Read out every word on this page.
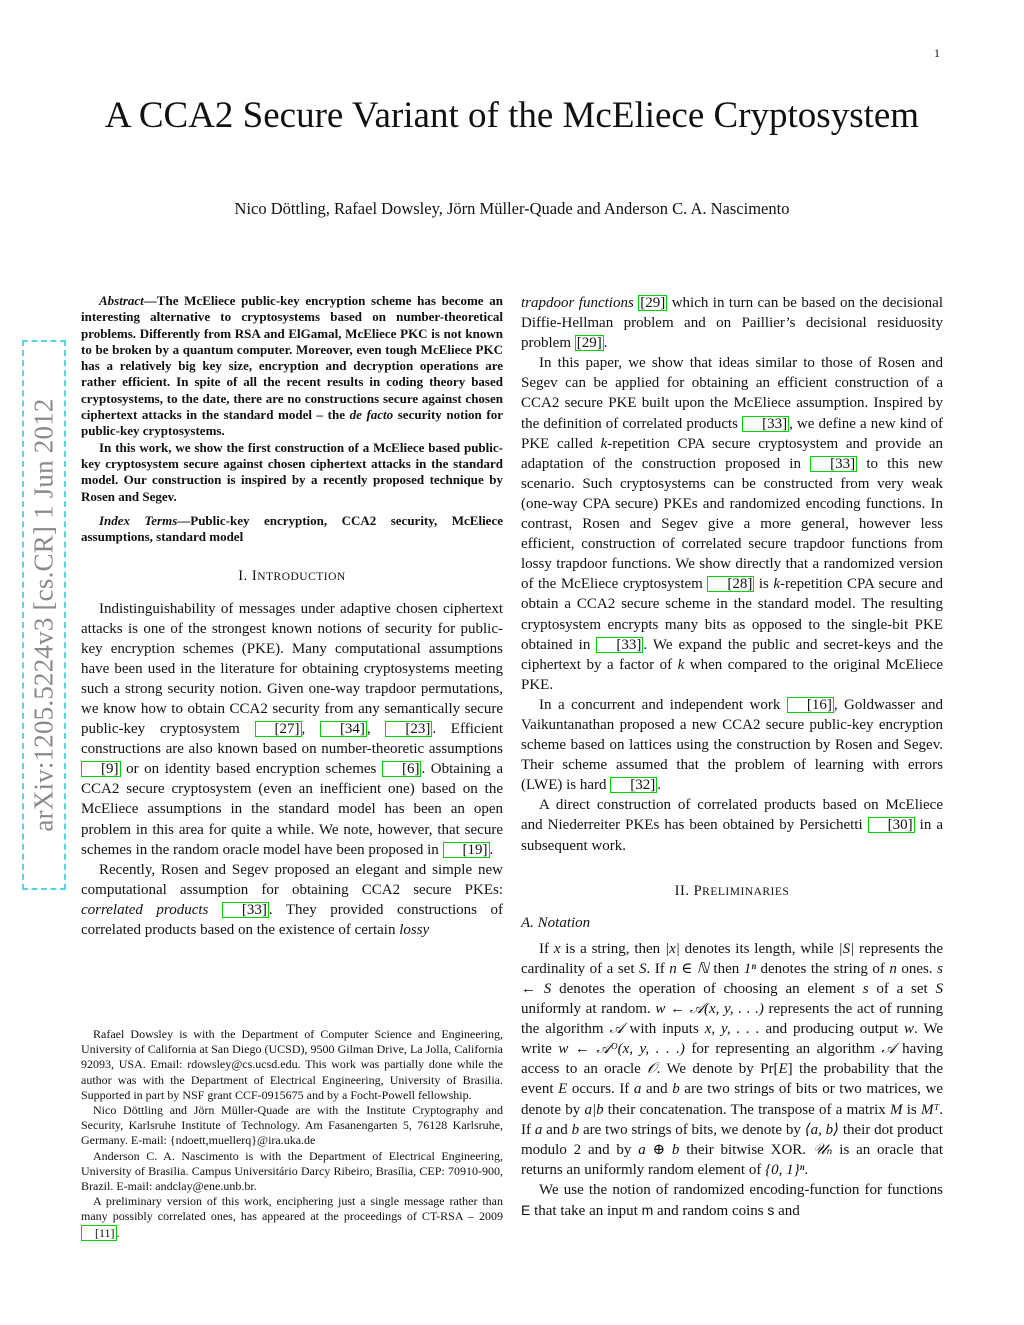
1
A CCA2 Secure Variant of the McEliece Cryptosystem
Nico Döttling, Rafael Dowsley, Jörn Müller-Quade and Anderson C. A. Nascimento
arXiv:1205.5224v3 [cs.CR] 1 Jun 2012

Abstract—The McEliece public-key encryption scheme has become an interesting alternative to cryptosystems based on number-theoretical problems. Differently from RSA and ElGamal, McEliece PKC is not known to be broken by a quantum computer. Moreover, even tough McEliece PKC has a relatively big key size, encryption and decryption operations are rather efficient. In spite of all the recent results in coding theory based cryptosystems, to the date, there are no constructions secure against chosen ciphertext attacks in the standard model – the de facto security notion for public-key cryptosystems.

In this work, we show the first construction of a McEliece based public-key cryptosystem secure against chosen ciphertext attacks in the standard model. Our construction is inspired by a recently proposed technique by Rosen and Segev.

Index Terms—Public-key encryption, CCA2 security, McEliece assumptions, standard model

I. INTRODUCTION

Indistinguishability of messages under adaptive chosen ciphertext attacks is one of the strongest known notions of security for public-key encryption schemes (PKE). Many computational assumptions have been used in the literature for obtaining cryptosystems meeting such a strong security notion. Given one-way trapdoor permutations, we know how to obtain CCA2 security from any semantically secure public-key cryptosystem [27] , [34] , [23] . Efficient constructions are also known based on number-theoretic assumptions [9] or on identity based encryption schemes [6] . Obtaining a CCA2 secure cryptosystem (even an inefficient one) based on the McEliece assumptions in the standard model has been an open problem in this area for quite a while. We note, however, that secure schemes in the random oracle model have been proposed in [19] .

Recently, Rosen and Segev proposed an elegant and simple new computational assumption for obtaining CCA2 secure PKEs: correlated products [33] . They provided constructions of correlated products based on the existence of certain lossy

Rafael Dowsley is with the Department of Computer Science and Engineering, University of California at San Diego (UCSD), 9500 Gilman Drive, La Jolla, California 92093, USA. Email: rdowsley@cs.ucsd.edu. This work was partially done while the author was with the Department of Electrical Engineering, University of Brasilia. Supported in part by NSF grant CCF-0915675 and by a Focht-Powell fellowship.

Nico Döttling and Jörn Müller-Quade are with the Institute Cryptography and Security, Karlsruhe Institute of Technology. Am Fasanengarten 5, 76128 Karlsruhe, Germany. E-mail: {ndoett,muellerq}@ira.uka.de

Anderson C. A. Nascimento is with the Department of Electrical Engineering, University of Brasilia. Campus Universitário Darcy Ribeiro, Brasília, CEP: 70910-900, Brazil. E-mail: andclay@ene.unb.br.

A preliminary version of this work, enciphering just a single message rather than many possibly correlated ones, has appeared at the proceedings of CT-RSA – 2009 [11] .

trapdoor functions [29] which in turn can be based on the decisional Diffie-Hellman problem and on Paillier’s decisional residuosity problem [29] .

In this paper, we show that ideas similar to those of Rosen and Segev can be applied for obtaining an efficient construction of a CCA2 secure PKE built upon the McEliece assumption. Inspired by the definition of correlated products [33] , we define a new kind of PKE called k-repetition CPA secure cryptosystem and provide an adaptation of the construction proposed in [33] to this new scenario. Such cryptosystems can be constructed from very weak (one-way CPA secure) PKEs and randomized encoding functions. In contrast, Rosen and Segev give a more general, however less efficient, construction of correlated secure trapdoor functions from lossy trapdoor functions. We show directly that a randomized version of the McEliece cryptosystem [28] is k-repetition CPA secure and obtain a CCA2 secure scheme in the standard model. The resulting cryptosystem encrypts many bits as opposed to the single-bit PKE obtained in [33] . We expand the public and secret-keys and the ciphertext by a factor of k when compared to the original McEliece PKE.

In a concurrent and independent work [16] , Goldwasser and Vaikuntanathan proposed a new CCA2 secure public-key encryption scheme based on lattices using the construction by Rosen and Segev. Their scheme assumed that the problem of learning with errors (LWE) is hard [32] .

A direct construction of correlated products based on McEliece and Niederreiter PKEs has been obtained by Persichetti [30] in a subsequent work.

II. PRELIMINARIES
A. Notation

If x is a string, then |x| denotes its length, while |S| represents the cardinality of a set S. If n ∈ ℕ then 1ⁿ denotes the string of n ones. s ← S denotes the operation of choosing an element s of a set S uniformly at random. w ← 𝒜(x, y, . . .) represents the act of running the algorithm 𝒜 with inputs x, y, . . . and producing output w. We write w ← 𝒜ᴼ(x, y, . . .) for representing an algorithm 𝒜 having access to an oracle 𝒪. We denote by Pr[E] the probability that the event E occurs. If a and b are two strings of bits or two matrices, we denote by a|b their concatenation. The transpose of a matrix M is Mᵀ. If a and b are two strings of bits, we denote by ⟨a, b⟩ their dot product modulo 2 and by a ⊕ b their bitwise XOR. 𝒰ₙ is an oracle that returns an uniformly random element of {0, 1}ⁿ.

We use the notion of randomized encoding-function for functions E that take an input m and random coins s and
